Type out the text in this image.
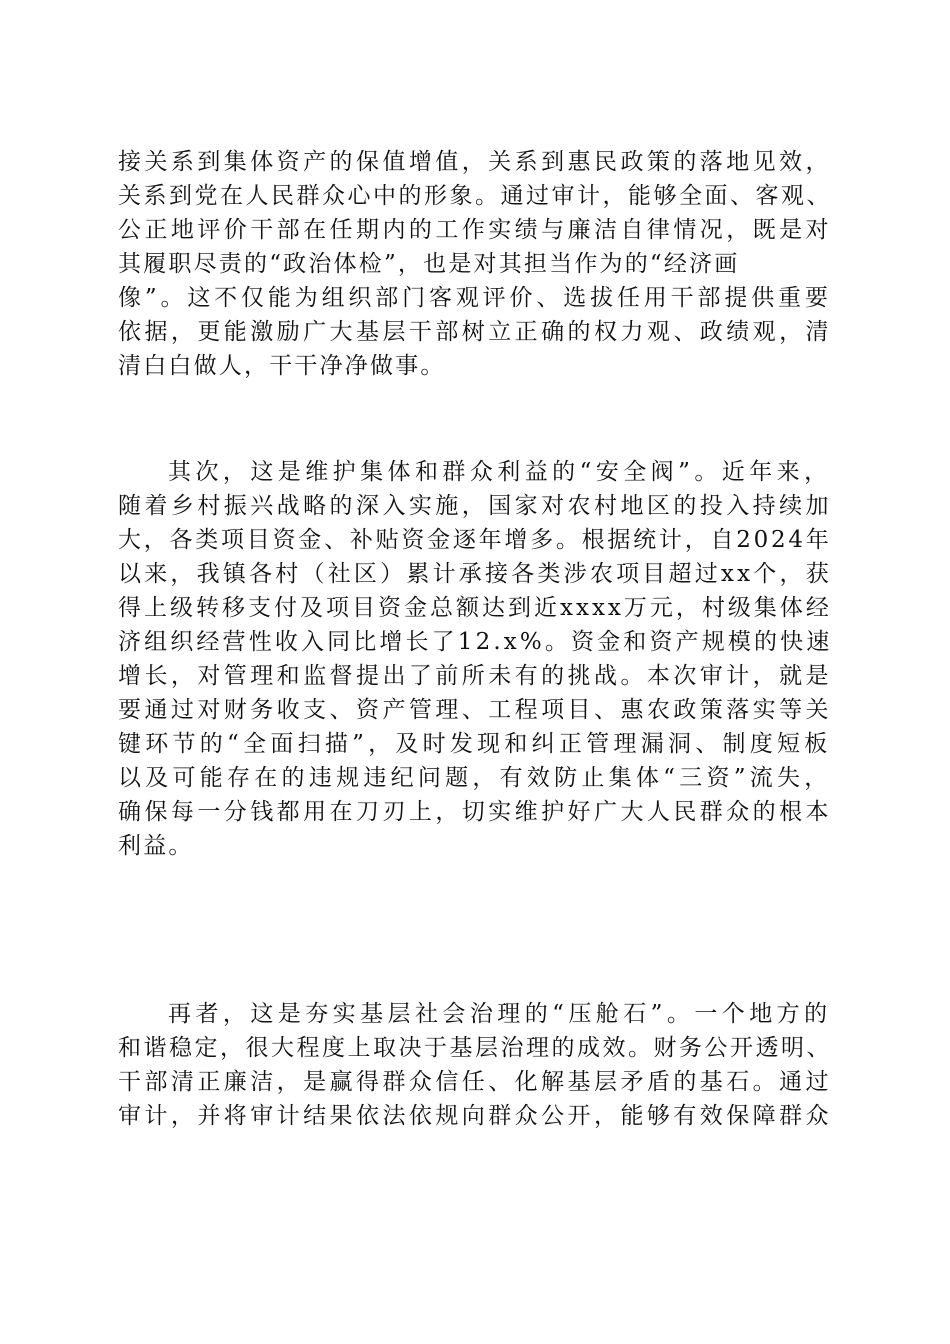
接关系到集体资产的保值增值，关系到惠民政策的落地见效，
关系到党在人民群众心中的形象。通过审计，能够全面、客观、
公正地评价干部在任期内的工作实绩与廉洁自律情况，既是对
其履职尽责的“政治体检”，也是对其担当作为的“经济画
像”。这不仅能为组织部门客观评价、选拔任用干部提供重要
依据，更能激励广大基层干部树立正确的权力观、政绩观，清
清白白做人，干干净净做事。
其次，这是维护集体和群众利益的“安全阀”。近年来，
随着乡村振兴战略的深入实施，国家对农村地区的投入持续加
大，各类项目资金、补贴资金逐年增多。根据统计，自2024年
以来，我镇各村（社区）累计承接各类涉农项目超过xx个，获
得上级转移支付及项目资金总额达到近xxxx万元，村级集体经
济组织经营性收入同比增长了12.x%。资金和资产规模的快速
增长，对管理和监督提出了前所未有的挑战。本次审计，就是
要通过对财务收支、资产管理、工程项目、惠农政策落实等关
键环节的“全面扫描”，及时发现和纠正管理漏洞、制度短板
以及可能存在的违规违纪问题，有效防止集体“三资”流失，
确保每一分钱都用在刀刃上，切实维护好广大人民群众的根本
利益。
再者，这是夯实基层社会治理的“压舱石”。一个地方的
和谐稳定，很大程度上取决于基层治理的成效。财务公开透明、
干部清正廉洁，是赢得群众信任、化解基层矛盾的基石。通过
审计，并将审计结果依法依规向群众公开，能够有效保障群众
